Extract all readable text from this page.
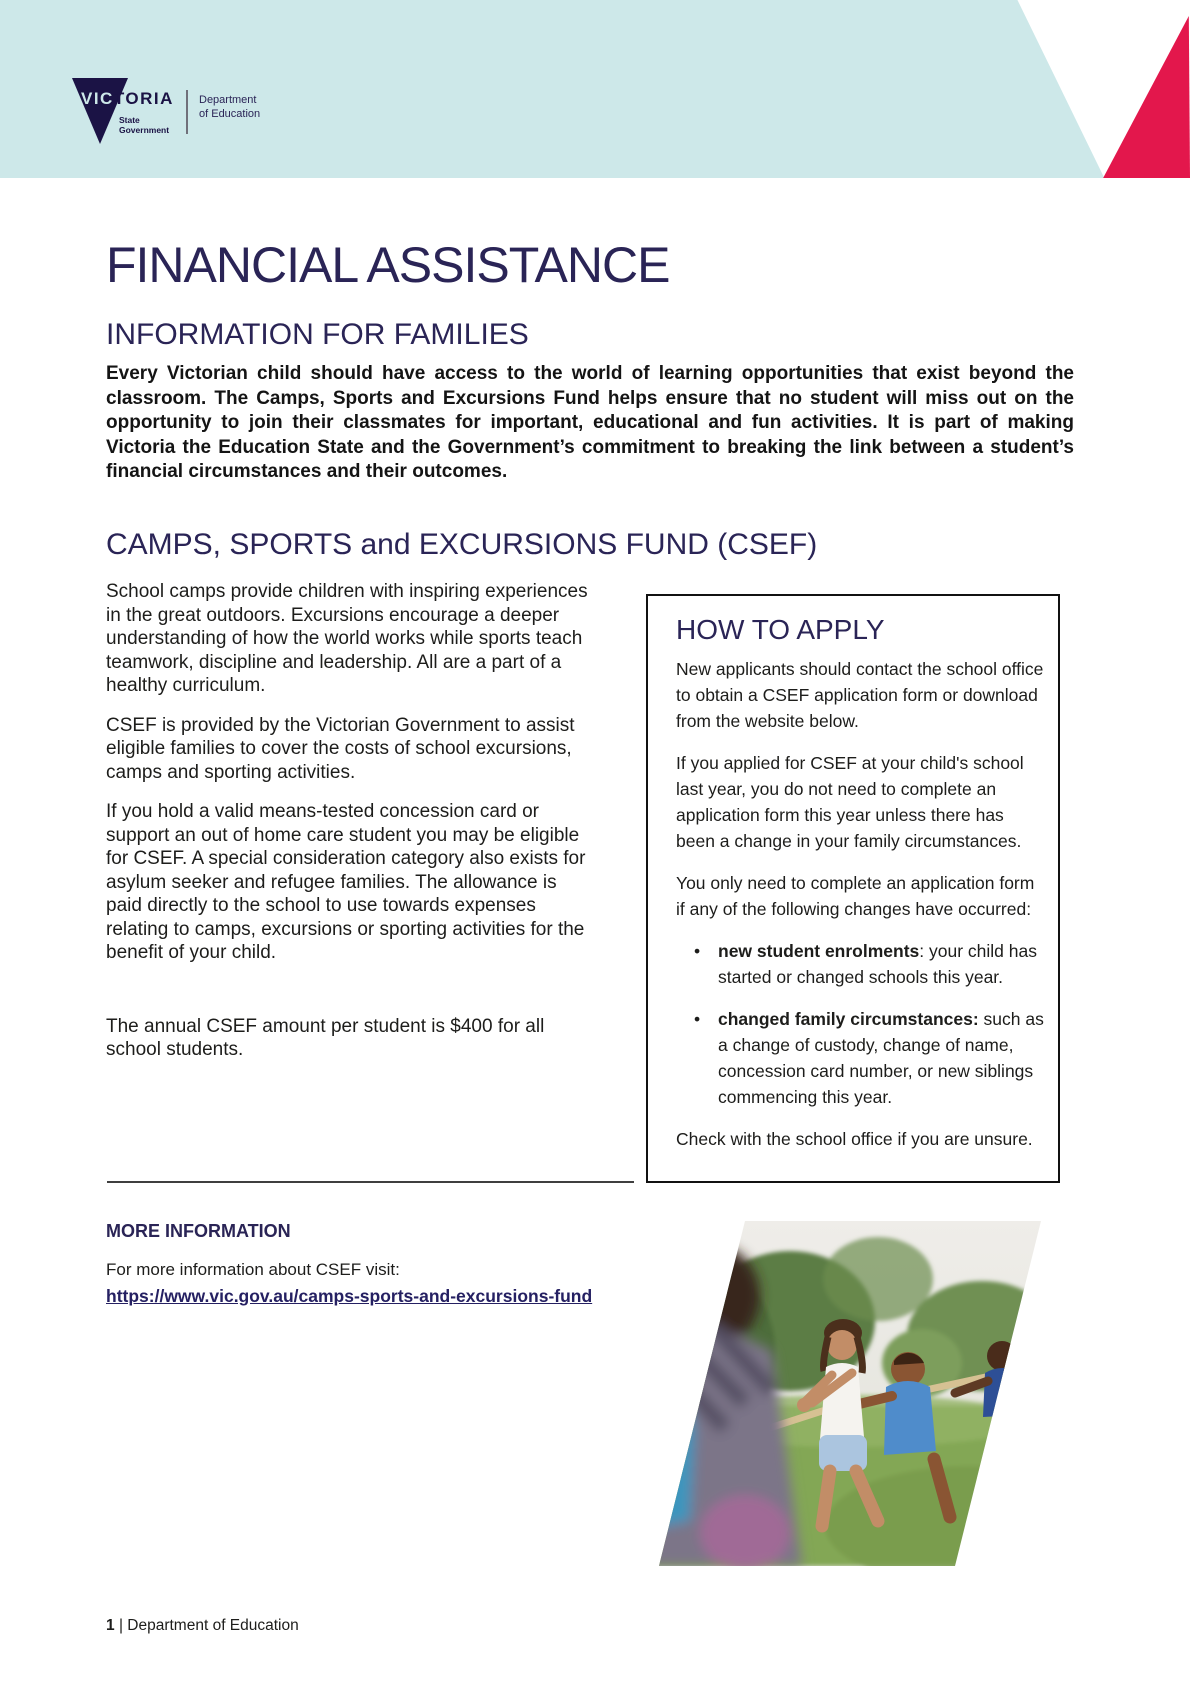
VICTORIA
State
Government
Department
of Education
FINANCIAL ASSISTANCE
INFORMATION FOR FAMILIES
Every Victorian child should have access to the world of learning opportunities that exist beyond the classroom. The Camps, Sports and Excursions Fund helps ensure that no student will miss out on the opportunity to join their classmates for important, educational and fun activities. It is part of making Victoria the Education State and the Government’s commitment to breaking the link between a student’s financial circumstances and their outcomes.
CAMPS, SPORTS and EXCURSIONS FUND (CSEF)

School camps provide children with inspiring experiences in the great outdoors. Excursions encourage a deeper understanding of how the world works while sports teach teamwork, discipline and leadership. All are a part of a healthy curriculum.

CSEF is provided by the Victorian Government to assist eligible families to cover the costs of school excursions, camps and sporting activities.

If you hold a valid means-tested concession card or support an out of home care student you may be eligible for CSEF. A special consideration category also exists for asylum seeker and refugee families. The allowance is paid directly to the school to use towards expenses relating to camps, excursions or sporting activities for the benefit of your child.

The annual CSEF amount per student is $400 for all school students.

HOW TO APPLY

New applicants should contact the school office to obtain a CSEF application form or download from the website below.

If you applied for CSEF at your child's school last year, you do not need to complete an application form this year unless there has been a change in your family circumstances.

You only need to complete an application form if any of the following changes have occurred:

• new student enrolments: your child has started or changed schools this year.
• changed family circumstances: such as a change of custody, change of name, concession card number, or new siblings commencing this year.

Check with the school office if you are unsure.

MORE INFORMATION
For more information about CSEF visit:
https://www.vic.gov.au/camps-sports-and-excursions-fund
1 | Department of Education
